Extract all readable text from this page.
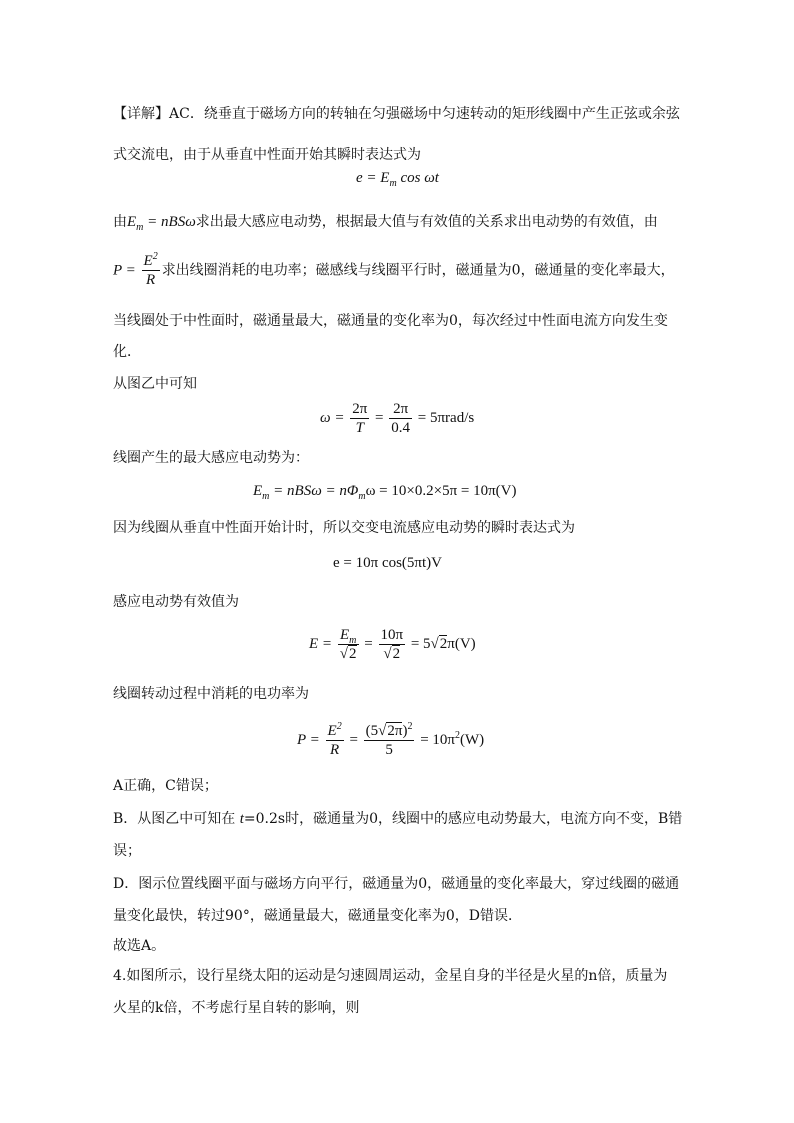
【详解】AC．绕垂直于磁场方向的转轴在匀强磁场中匀速转动的矩形线圈中产生正弦或余弦
式交流电，由于从垂直中性面开始其瞬时表达式为
$e = E_m$ cos ωt
由$E_m = nBS\omega$求出最大感应电动势，根据最大值与有效值的关系求出电动势的有效值，由
$P = \frac{E^2}{R}$ 求出线圈消耗的电功率；磁感线与线圈平行时，磁通量为0，磁通量的变化率最大，
当线圈处于中性面时，磁通量最大，磁通量的变化率为0，每次经过中性面电流方向发生变
化．
从图乙中可知
$\omega = \frac{2\pi}{T} = \frac{2\pi}{0.4} = 5\pi rad/s$
线圈产生的最大感应电动势为：
$E_m = nBS\omega = n\Phi_m\omega = 10\times 0.2\times 5\pi = 10\pi(V)$
因为线圈从垂直中性面开始计时，所以交变电流感应电动势的瞬时表达式为
e = 10π cos(5πt)V
感应电动势有效值为
$E = \frac{E_m}{√2} = \frac{10\pi}{√2} = 5√2\pi(V)$
线圈转动过程中消耗的电功率为
$P = \frac{E^2}{R} = \frac{(5√2\pi)^2}{5} = 10\pi^2(W)$
A正确，C错误；
B．从图乙中可知在 t=0.2s时，磁通量为0，线圈中的感应电动势最大，电流方向不变，B错
误；
D．图示位置线圈平面与磁场方向平行，磁通量为0，磁通量的变化率最大，穿过线圈的磁通
量变化最快，转过90°，磁通量最大，磁通量变化率为0，D错误．
故选A。
4.如图所示，设行星绕太阳的运动是匀速圆周运动，金星自身的半径是火星的n倍，质量为
火星的k倍，不考虑行星自转的影响，则
